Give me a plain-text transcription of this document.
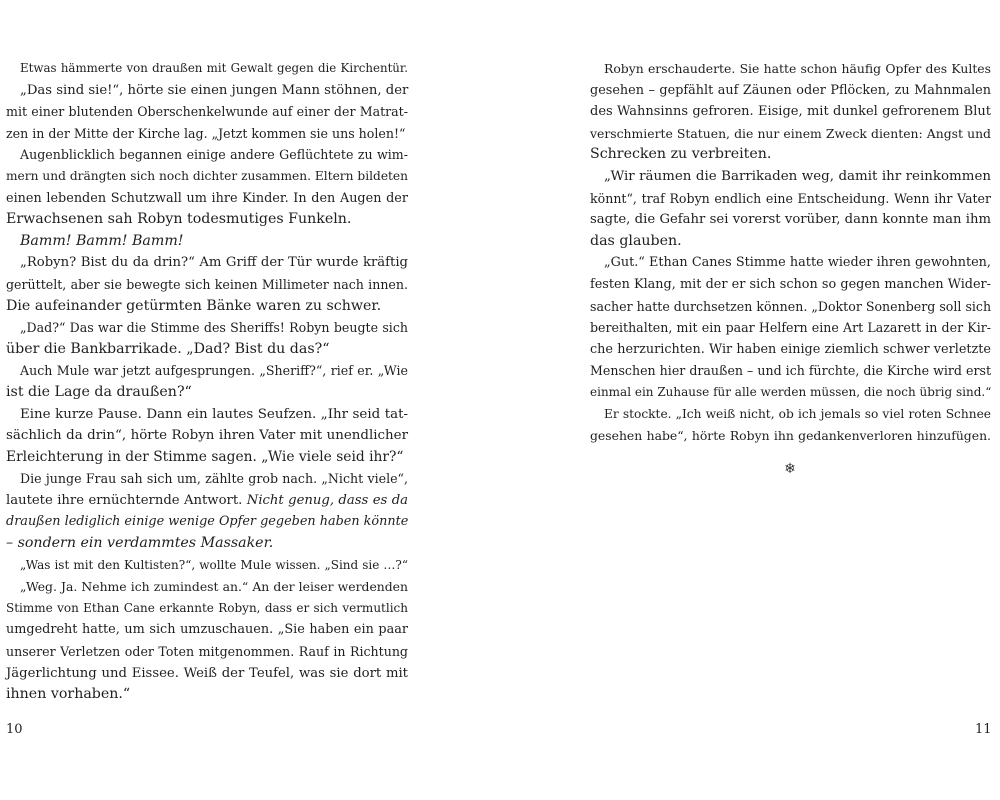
Etwas hämmerte von draußen mit Gewalt gegen die Kirchentür.
„Das sind sie!“, hörte sie einen jungen Mann stöhnen, der
mit einer blutenden Oberschenkelwunde auf einer der Matrat-
zen in der Mitte der Kirche lag. „Jetzt kommen sie uns holen!“
Augenblicklich begannen einige andere Geflüchtete zu wim-
mern und drängten sich noch dichter zusammen. Eltern bildeten
einen lebenden Schutzwall um ihre Kinder. In den Augen der
Erwachsenen sah Robyn todesmutiges Funkeln.
Bamm! Bamm! Bamm!
„Robyn? Bist du da drin?“ Am Griff der Tür wurde kräftig
gerüttelt, aber sie bewegte sich keinen Millimeter nach innen.
Die aufeinander getürmten Bänke waren zu schwer.
„Dad?“ Das war die Stimme des Sheriffs! Robyn beugte sich
über die Bankbarrikade. „Dad? Bist du das?“
Auch Mule war jetzt aufgesprungen. „Sheriff?“, rief er. „Wie
ist die Lage da draußen?“
Eine kurze Pause. Dann ein lautes Seufzen. „Ihr seid tat-
sächlich da drin“, hörte Robyn ihren Vater mit unendlicher
Erleichterung in der Stimme sagen. „Wie viele seid ihr?“
Die junge Frau sah sich um, zählte grob nach. „Nicht viele“,
lautete ihre ernüchternde Antwort. Nicht genug, dass es da
draußen lediglich einige wenige Opfer gegeben haben könnte
– sondern ein verdammtes Massaker.
„Was ist mit den Kultisten?“, wollte Mule wissen. „Sind sie …?“
„Weg. Ja. Nehme ich zumindest an.“ An der leiser werdenden
Stimme von Ethan Cane erkannte Robyn, dass er sich vermutlich
umgedreht hatte, um sich umzuschauen. „Sie haben ein paar
unserer Verletzen oder Toten mitgenommen. Rauf in Richtung
Jägerlichtung und Eissee. Weiß der Teufel, was sie dort mit
ihnen vorhaben.“
Robyn erschauderte. Sie hatte schon häufig Opfer des Kultes
gesehen – gepfählt auf Zäunen oder Pflöcken, zu Mahnmalen
des Wahnsinns gefroren. Eisige, mit dunkel gefrorenem Blut
verschmierte Statuen, die nur einem Zweck dienten: Angst und
Schrecken zu verbreiten.
„Wir räumen die Barrikaden weg, damit ihr reinkommen
könnt“, traf Robyn endlich eine Entscheidung. Wenn ihr Vater
sagte, die Gefahr sei vorerst vorüber, dann konnte man ihm
das glauben.
„Gut.“ Ethan Canes Stimme hatte wieder ihren gewohnten,
festen Klang, mit der er sich schon so gegen manchen Wider-
sacher hatte durchsetzen können. „Doktor Sonenberg soll sich
bereithalten, mit ein paar Helfern eine Art Lazarett in der Kir-
che herzurichten. Wir haben einige ziemlich schwer verletzte
Menschen hier draußen – und ich fürchte, die Kirche wird erst
einmal ein Zuhause für alle werden müssen, die noch übrig sind.“
Er stockte. „Ich weiß nicht, ob ich jemals so viel roten Schnee
gesehen habe“, hörte Robyn ihn gedankenverloren hinzufügen.
❄
10	11
